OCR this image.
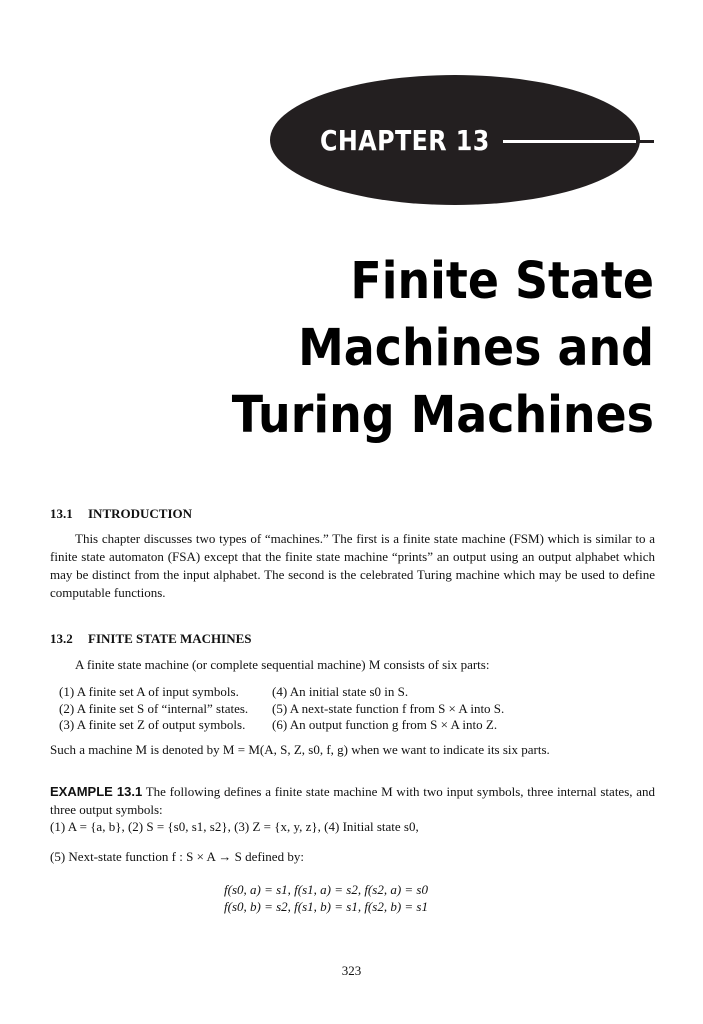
CHAPTER 13
Finite State
Machines and
Turing Machines
13.1 INTRODUCTION
This chapter discusses two types of “machines.” The first is a finite state machine (FSM) which is similar to a finite state automaton (FSA) except that the finite state machine “prints” an output using an output alphabet which may be distinct from the input alphabet. The second is the celebrated Turing machine which may be used to define computable functions.
13.2 FINITE STATE MACHINES
A finite state machine (or complete sequential machine) M consists of six parts:
(1) A finite set A of input symbols.
(2) A finite set S of “internal” states.
(3) A finite set Z of output symbols.
(4) An initial state s0 in S.
(5) A next-state function f from S × A into S.
(6) An output function g from S × A into Z.
Such a machine M is denoted by M = M(A, S, Z, s0, f, g) when we want to indicate its six parts.
EXAMPLE 13.1 The following defines a finite state machine M with two input symbols, three internal states, and three output symbols:
(1) A = {a, b}, (2) S = {s0, s1, s2}, (3) Z = {x, y, z}, (4) Initial state s0,
(5) Next-state function f : S × A → S defined by:
f(s0, a) = s1, f(s1, a) = s2, f(s2, a) = s0
f(s0, b) = s2, f(s1, b) = s1, f(s2, b) = s1
323
